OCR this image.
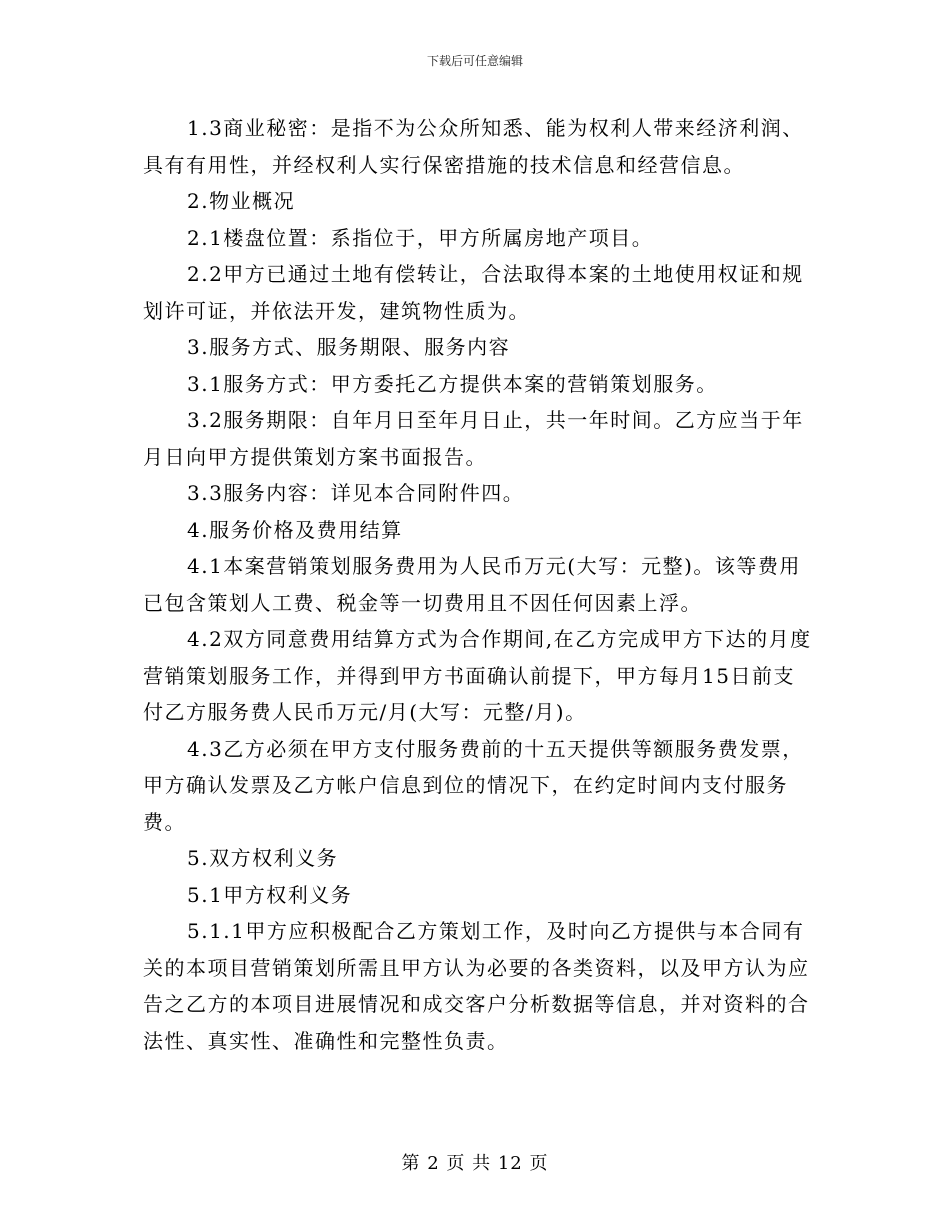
下载后可任意编辑

1.3商业秘密：是指不为公众所知悉、能为权利人带来经济利润、具有有用性，并经权利人实行保密措施的技术信息和经营信息。

2.物业概况

2.1楼盘位置：系指位于，甲方所属房地产项目。

2.2甲方已通过土地有偿转让，合法取得本案的土地使用权证和规划许可证，并依法开发，建筑物性质为。

3.服务方式、服务期限、服务内容

3.1服务方式：甲方委托乙方提供本案的营销策划服务。

3.2服务期限：自年月日至年月日止，共一年时间。乙方应当于年月日向甲方提供策划方案书面报告。

3.3服务内容：详见本合同附件四。

4.服务价格及费用结算

4.1本案营销策划服务费用为人民币万元(大写：元整)。该等费用已包含策划人工费、税金等一切费用且不因任何因素上浮。

4.2双方同意费用结算方式为合作期间,在乙方完成甲方下达的月度营销策划服务工作，并得到甲方书面确认前提下，甲方每月15日前支付乙方服务费人民币万元/月(大写：元整/月)。

4.3乙方必须在甲方支付服务费前的十五天提供等额服务费发票，甲方确认发票及乙方帐户信息到位的情况下，在约定时间内支付服务费。

5.双方权利义务

5.1甲方权利义务

5.1.1甲方应积极配合乙方策划工作，及时向乙方提供与本合同有关的本项目营销策划所需且甲方认为必要的各类资料，以及甲方认为应告之乙方的本项目进展情况和成交客户分析数据等信息，并对资料的合法性、真实性、准确性和完整性负责。

第 2 页 共 12 页
